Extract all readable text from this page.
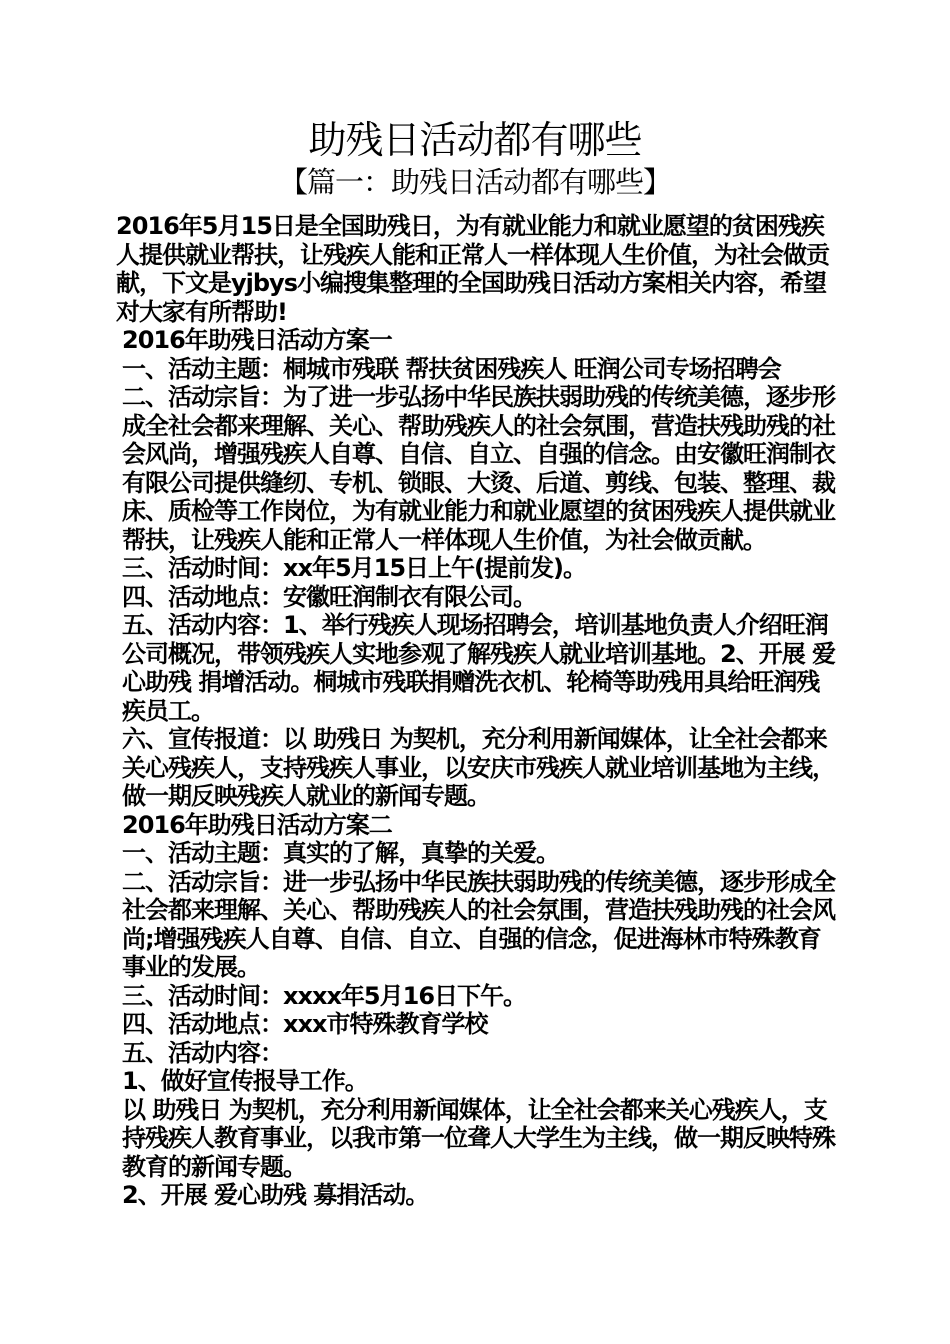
助残日活动都有哪些
【篇一：助残日活动都有哪些】

2016年5月15日是全国助残日，为有就业能力和就业愿望的贫困残疾人提供就业帮扶，让残疾人能和正常人一样体现人生价值，为社会做贡献，下文是yjbys小编搜集整理的全国助残日活动方案相关内容，希望对大家有所帮助!

2016年助残日活动方案一

一、活动主题：桐城市残联 帮扶贫困残疾人 旺润公司专场招聘会

二、活动宗旨：为了进一步弘扬中华民族扶弱助残的传统美德，逐步形成全社会都来理解、关心、帮助残疾人的社会氛围，营造扶残助残的社会风尚，增强残疾人自尊、自信、自立、自强的信念。由安徽旺润制衣有限公司提供缝纫、专机、锁眼、大烫、后道、剪线、包装、整理、裁床、质检等工作岗位，为有就业能力和就业愿望的贫困残疾人提供就业帮扶，让残疾人能和正常人一样体现人生价值，为社会做贡献。

三、活动时间：xx年5月15日上午(提前发)。

四、活动地点：安徽旺润制衣有限公司。

五、活动内容：1、举行残疾人现场招聘会，培训基地负责人介绍旺润公司概况，带领残疾人实地参观了解残疾人就业培训基地。2、开展 爱心助残 捐增活动。桐城市残联捐赠洗衣机、轮椅等助残用具给旺润残疾员工。

六、宣传报道：以 助残日 为契机，充分利用新闻媒体，让全社会都来关心残疾人，支持残疾人事业，以安庆市残疾人就业培训基地为主线，做一期反映残疾人就业的新闻专题。

2016年助残日活动方案二

一、活动主题：真实的了解，真挚的关爱。

二、活动宗旨：进一步弘扬中华民族扶弱助残的传统美德，逐步形成全社会都来理解、关心、帮助残疾人的社会氛围，营造扶残助残的社会风尚;增强残疾人自尊、自信、自立、自强的信念，促进海林市特殊教育事业的发展。

三、活动时间：xxxx年5月16日下午。

四、活动地点：xxx市特殊教育学校

五、活动内容：

1、做好宣传报导工作。

以 助残日 为契机，充分利用新闻媒体，让全社会都来关心残疾人，支持残疾人教育事业，以我市第一位聋人大学生为主线，做一期反映特殊教育的新闻专题。

2、开展 爱心助残 募捐活动。
